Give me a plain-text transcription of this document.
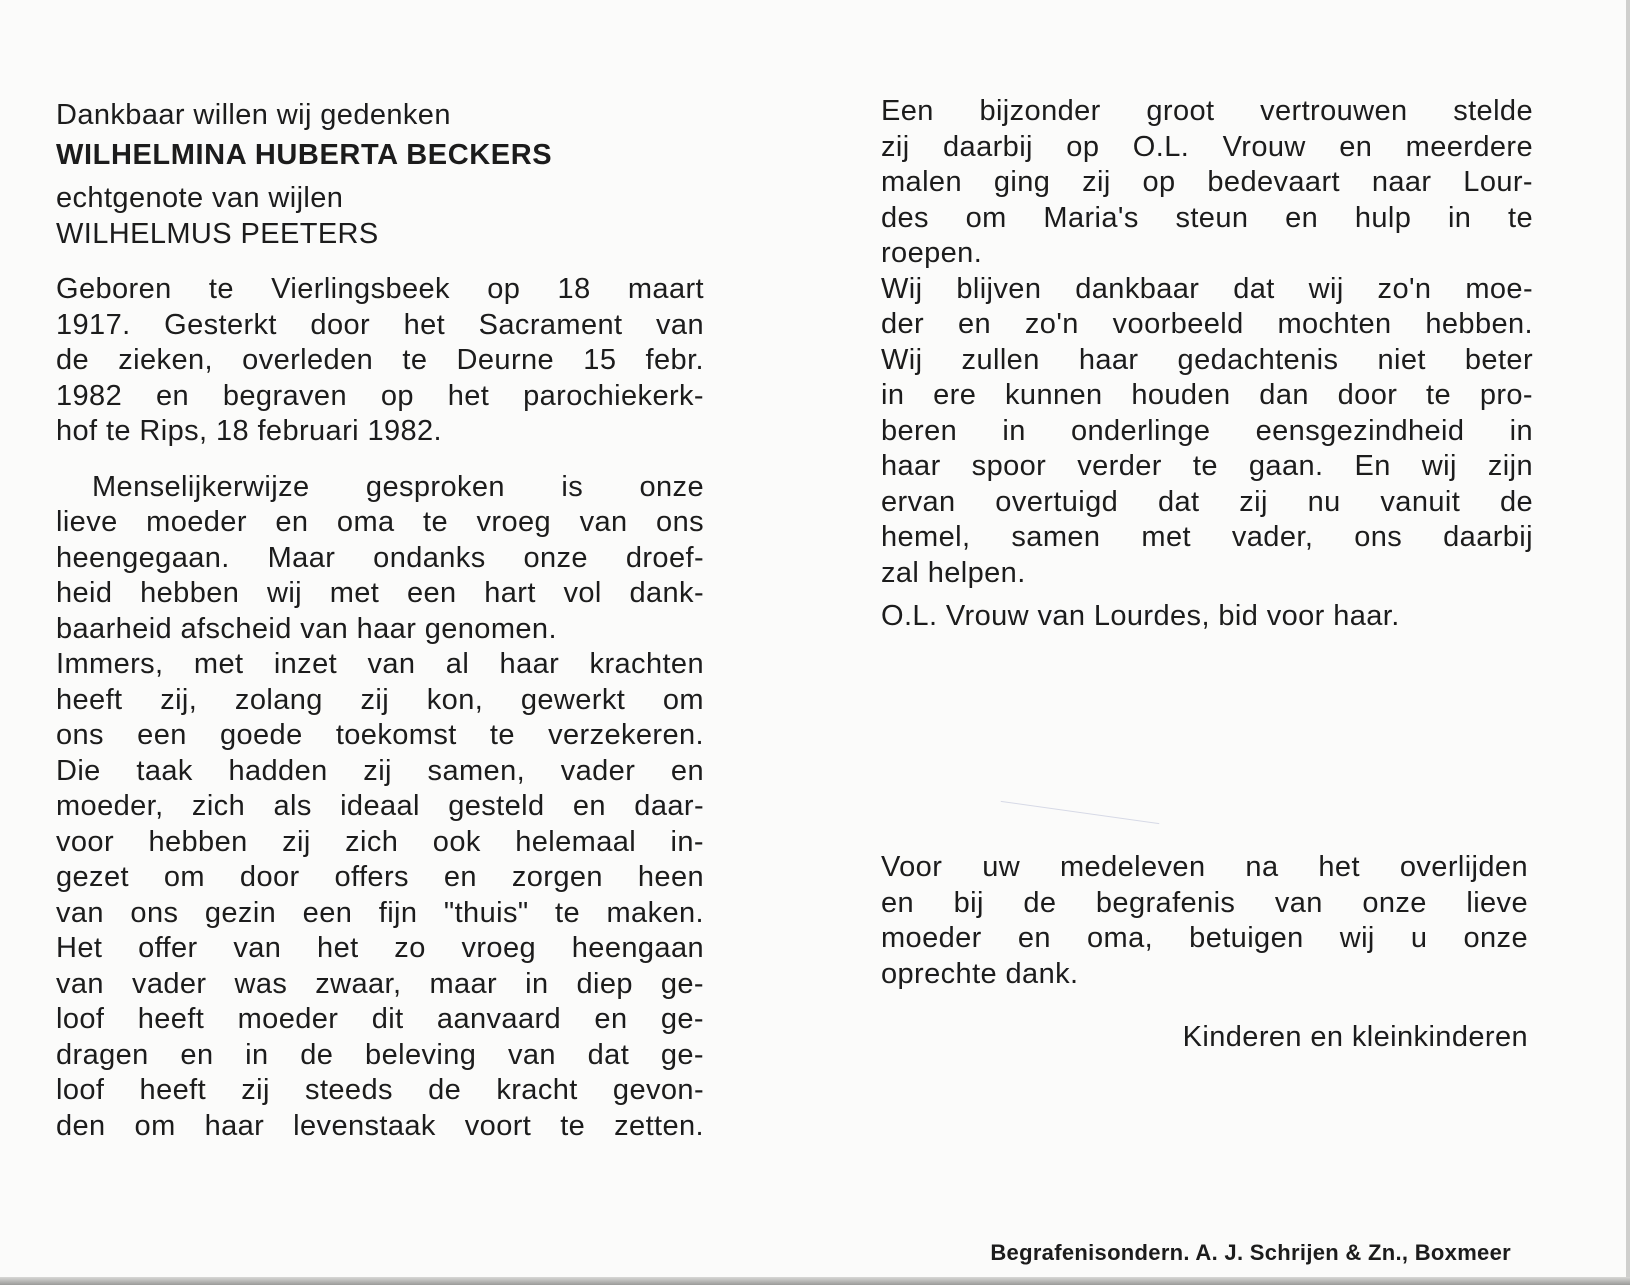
Dankbaar willen wij gedenken
WILHELMINA HUBERTA BECKERS
echtgenote van wijlen
WILHELMUS PEETERS
Geboren te Vierlingsbeek op 18 maart
1917. Gesterkt door het Sacrament van
de zieken, overleden te Deurne 15 febr.
1982 en begraven op het parochiekerk-
hof te Rips, 18 februari 1982.
Menselijkerwijze gesproken is onze
lieve moeder en oma te vroeg van ons
heengegaan. Maar ondanks onze droef-
heid hebben wij met een hart vol dank-
baarheid afscheid van haar genomen.
Immers, met inzet van al haar krachten
heeft zij, zolang zij kon, gewerkt om
ons een goede toekomst te verzekeren.
Die taak hadden zij samen, vader en
moeder, zich als ideaal gesteld en daar-
voor hebben zij zich ook helemaal in-
gezet om door offers en zorgen heen
van ons gezin een fijn "thuis" te maken.
Het offer van het zo vroeg heengaan
van vader was zwaar, maar in diep ge-
loof heeft moeder dit aanvaard en ge-
dragen en in de beleving van dat ge-
loof heeft zij steeds de kracht gevon-
den om haar levenstaak voort te zetten.
Een bijzonder groot vertrouwen stelde
zij daarbij op O.L. Vrouw en meerdere
malen ging zij op bedevaart naar Lour-
des om Maria's steun en hulp in te
roepen.
Wij blijven dankbaar dat wij zo'n moe-
der en zo'n voorbeeld mochten hebben.
Wij zullen haar gedachtenis niet beter
in ere kunnen houden dan door te pro-
beren in onderlinge eensgezindheid in
haar spoor verder te gaan. En wij zijn
ervan overtuigd dat zij nu vanuit de
hemel, samen met vader, ons daarbij
zal helpen.
O.L. Vrouw van Lourdes, bid voor haar.
Voor uw medeleven na het overlijden
en bij de begrafenis van onze lieve
moeder en oma, betuigen wij u onze
oprechte dank.
Kinderen en kleinkinderen
Begrafenisondern. A. J. Schrijen & Zn., Boxmeer
